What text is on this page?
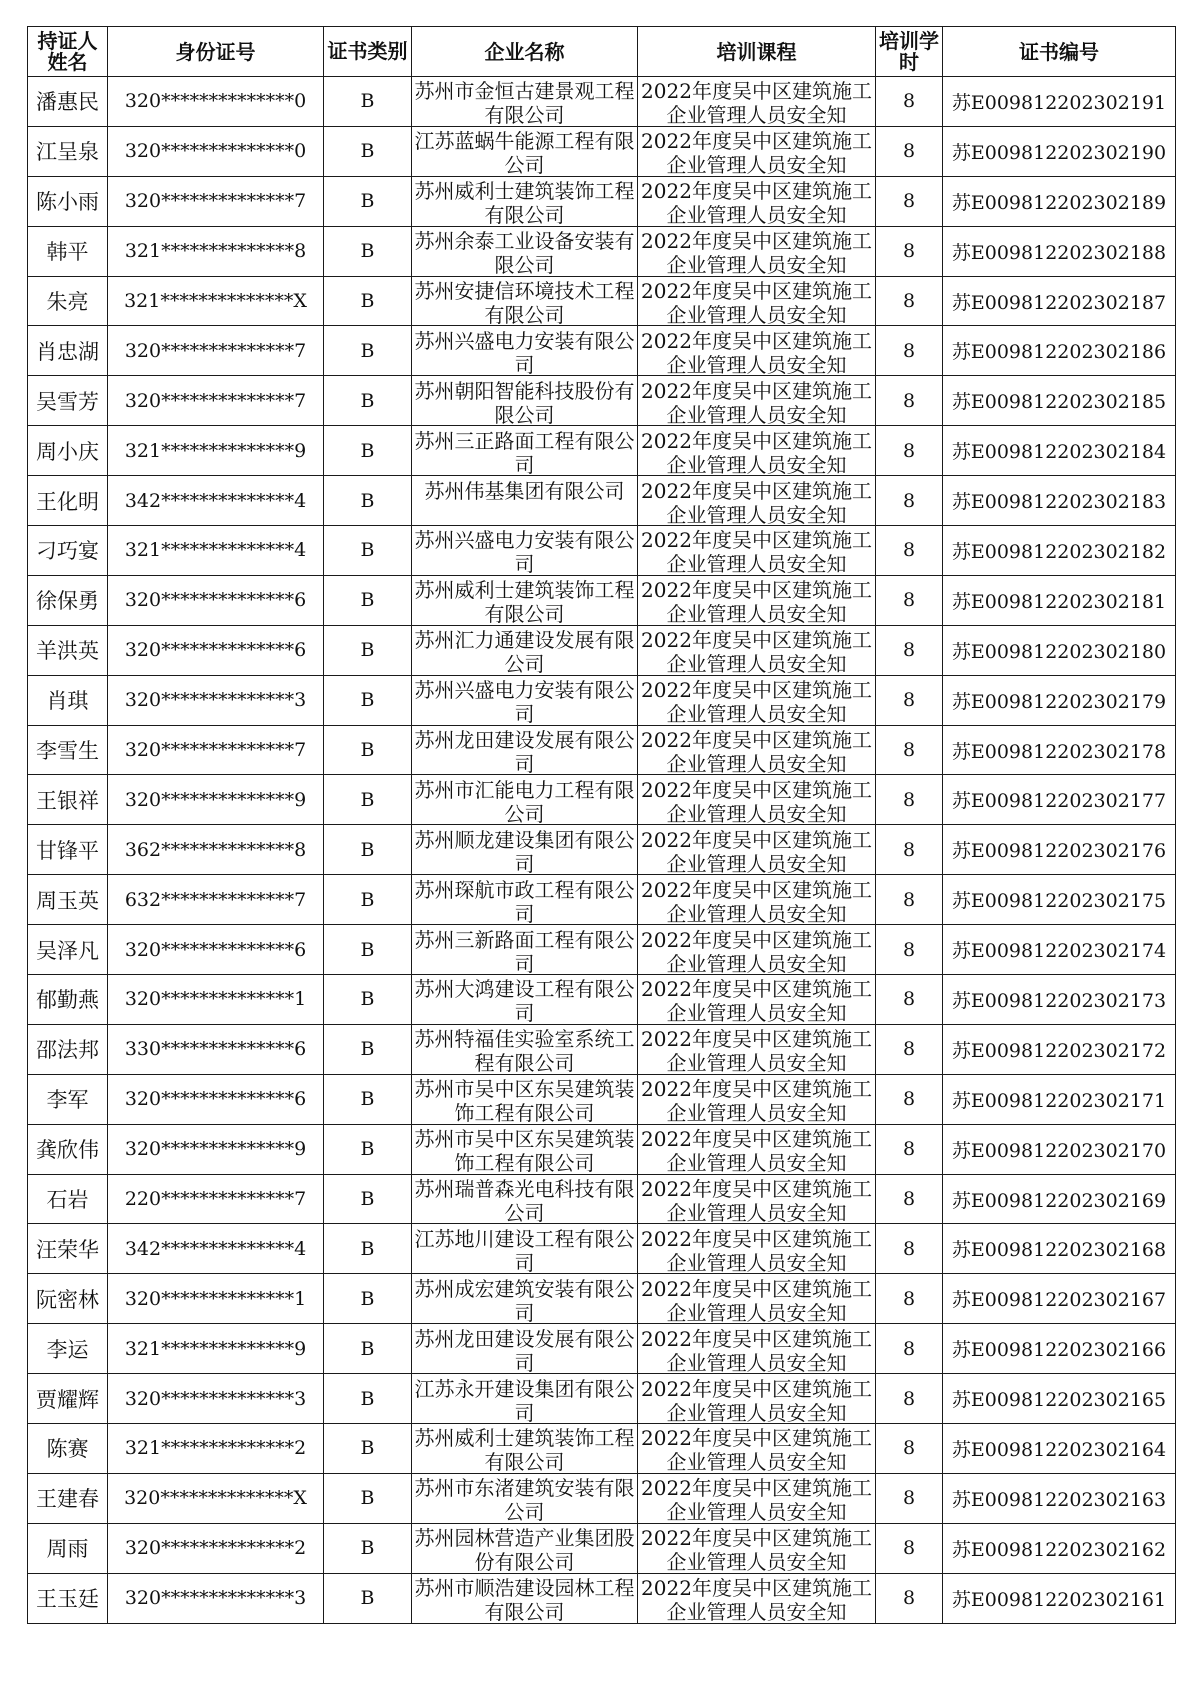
持证人姓名	身份证号	证书类别	企业名称	培训课程	培训学时	证书编号

潘惠民	320**************0	B	苏州市金恒古建景观工程有限公司	2022年度吴中区建筑施工企业管理人员安全知	8	苏E009812202302191

江呈泉	320**************0	B	江苏蓝蜗牛能源工程有限公司	2022年度吴中区建筑施工企业管理人员安全知	8	苏E009812202302190

陈小雨	320**************7	B	苏州威利士建筑装饰工程有限公司	2022年度吴中区建筑施工企业管理人员安全知	8	苏E009812202302189

韩平	321**************8	B	苏州余泰工业设备安装有限公司	2022年度吴中区建筑施工企业管理人员安全知	8	苏E009812202302188

朱亮	321**************X	B	苏州安捷信环境技术工程有限公司	2022年度吴中区建筑施工企业管理人员安全知	8	苏E009812202302187

肖忠湖	320**************7	B	苏州兴盛电力安装有限公司	2022年度吴中区建筑施工企业管理人员安全知	8	苏E009812202302186

吴雪芳	320**************7	B	苏州朝阳智能科技股份有限公司	2022年度吴中区建筑施工企业管理人员安全知	8	苏E009812202302185

周小庆	321**************9	B	苏州三正路面工程有限公司	2022年度吴中区建筑施工企业管理人员安全知	8	苏E009812202302184

王化明	342**************4	B	苏州伟基集团有限公司	2022年度吴中区建筑施工企业管理人员安全知	8	苏E009812202302183

刁巧宴	321**************4	B	苏州兴盛电力安装有限公司	2022年度吴中区建筑施工企业管理人员安全知	8	苏E009812202302182

徐保勇	320**************6	B	苏州威利士建筑装饰工程有限公司	2022年度吴中区建筑施工企业管理人员安全知	8	苏E009812202302181

羊洪英	320**************6	B	苏州汇力通建设发展有限公司	2022年度吴中区建筑施工企业管理人员安全知	8	苏E009812202302180

肖琪	320**************3	B	苏州兴盛电力安装有限公司	2022年度吴中区建筑施工企业管理人员安全知	8	苏E009812202302179

李雪生	320**************7	B	苏州龙田建设发展有限公司	2022年度吴中区建筑施工企业管理人员安全知	8	苏E009812202302178

王银祥	320**************9	B	苏州市汇能电力工程有限公司	2022年度吴中区建筑施工企业管理人员安全知	8	苏E009812202302177

甘锋平	362**************8	B	苏州顺龙建设集团有限公司	2022年度吴中区建筑施工企业管理人员安全知	8	苏E009812202302176

周玉英	632**************7	B	苏州琛航市政工程有限公司	2022年度吴中区建筑施工企业管理人员安全知	8	苏E009812202302175

吴泽凡	320**************6	B	苏州三新路面工程有限公司	2022年度吴中区建筑施工企业管理人员安全知	8	苏E009812202302174

郁勤燕	320**************1	B	苏州大鸿建设工程有限公司	2022年度吴中区建筑施工企业管理人员安全知	8	苏E009812202302173

邵法邦	330**************6	B	苏州特福佳实验室系统工程有限公司	2022年度吴中区建筑施工企业管理人员安全知	8	苏E009812202302172

李军	320**************6	B	苏州市吴中区东吴建筑装饰工程有限公司	2022年度吴中区建筑施工企业管理人员安全知	8	苏E009812202302171

龚欣伟	320**************9	B	苏州市吴中区东吴建筑装饰工程有限公司	2022年度吴中区建筑施工企业管理人员安全知	8	苏E009812202302170

石岩	220**************7	B	苏州瑞普森光电科技有限公司	2022年度吴中区建筑施工企业管理人员安全知	8	苏E009812202302169

汪荣华	342**************4	B	江苏地川建设工程有限公司	2022年度吴中区建筑施工企业管理人员安全知	8	苏E009812202302168

阮密林	320**************1	B	苏州成宏建筑安装有限公司	2022年度吴中区建筑施工企业管理人员安全知	8	苏E009812202302167

李运	321**************9	B	苏州龙田建设发展有限公司	2022年度吴中区建筑施工企业管理人员安全知	8	苏E009812202302166

贾耀辉	320**************3	B	江苏永开建设集团有限公司	2022年度吴中区建筑施工企业管理人员安全知	8	苏E009812202302165

陈赛	321**************2	B	苏州威利士建筑装饰工程有限公司	2022年度吴中区建筑施工企业管理人员安全知	8	苏E009812202302164

王建春	320**************X	B	苏州市东渚建筑安装有限公司	2022年度吴中区建筑施工企业管理人员安全知	8	苏E009812202302163

周雨	320**************2	B	苏州园林营造产业集团股份有限公司	2022年度吴中区建筑施工企业管理人员安全知	8	苏E009812202302162

王玉廷	320**************3	B	苏州市顺浩建设园林工程有限公司	2022年度吴中区建筑施工企业管理人员安全知	8	苏E009812202302161
